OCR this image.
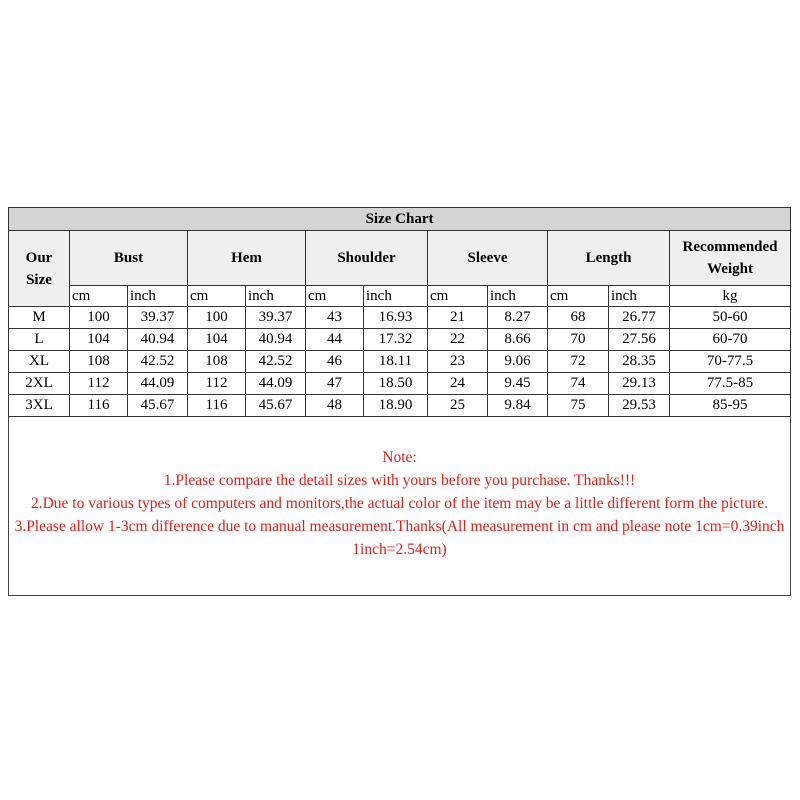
Size Chart											
Our
Size	Bust		Hem		Shoulder		Sleeve		Length		Recommended
Weight
	cm	inch	cm	inch	cm	inch	cm	inch	cm	inch	kg
M	100	39.37	100	39.37	43	16.93	21	8.27	68	26.77	50-60
L	104	40.94	104	40.94	44	17.32	22	8.66	70	27.56	60-70
XL	108	42.52	108	42.52	46	18.11	23	9.06	72	28.35	70-77.5
2XL	112	44.09	112	44.09	47	18.50	24	9.45	74	29.13	77.5-85
3XL	116	45.67	116	45.67	48	18.90	25	9.84	75	29.53	85-95

Note:

1.Please compare the detail sizes with yours before you purchase. Thanks!!!

2.Due to various types of computers and monitors,the actual color of the item may be a little different form the picture.

3.Please allow 1-3cm difference due to manual measurement.Thanks(All measurement in cm and please note 1cm=0.39inch 1inch=2.54cm)
